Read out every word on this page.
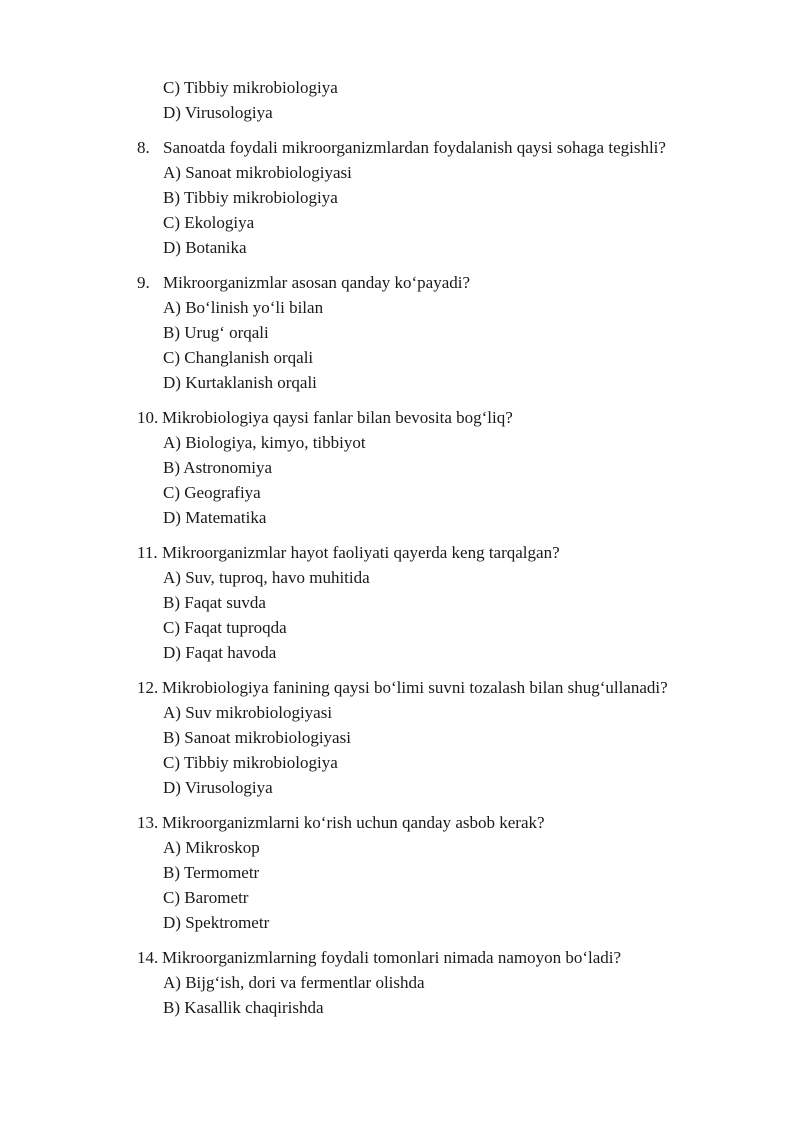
C) Tibbiy mikrobiologiya
D) Virusologiya
8. Sanoatda foydali mikroorganizmlardan foydalanish qaysi sohaga tegishli?
A) Sanoat mikrobiologiyasi
B) Tibbiy mikrobiologiya
C) Ekologiya
D) Botanika
9. Mikroorganizmlar asosan qanday ko‘payadi?
A) Bo‘linish yo‘li bilan
B) Urug‘ orqali
C) Changlanish orqali
D) Kurtaklanish orqali
10. Mikrobiologiya qaysi fanlar bilan bevosita bog‘liq?
A) Biologiya, kimyo, tibbiyot
B) Astronomiya
C) Geografiya
D) Matematika
11. Mikroorganizmlar hayot faoliyati qayerda keng tarqalgan?
A) Suv, tuproq, havo muhitida
B) Faqat suvda
C) Faqat tuproqda
D) Faqat havoda
12. Mikrobiologiya fanining qaysi bo‘limi suvni tozalash bilan shug‘ullanadi?
A) Suv mikrobiologiyasi
B) Sanoat mikrobiologiyasi
C) Tibbiy mikrobiologiya
D) Virusologiya
13. Mikroorganizmlarni ko‘rish uchun qanday asbob kerak?
A) Mikroskop
B) Termometr
C) Barometr
D) Spektrometr
14. Mikroorganizmlarning foydali tomonlari nimada namoyon bo‘ladi?
A) Bijg‘ish, dori va fermentlar olishda
B) Kasallik chaqirishda
